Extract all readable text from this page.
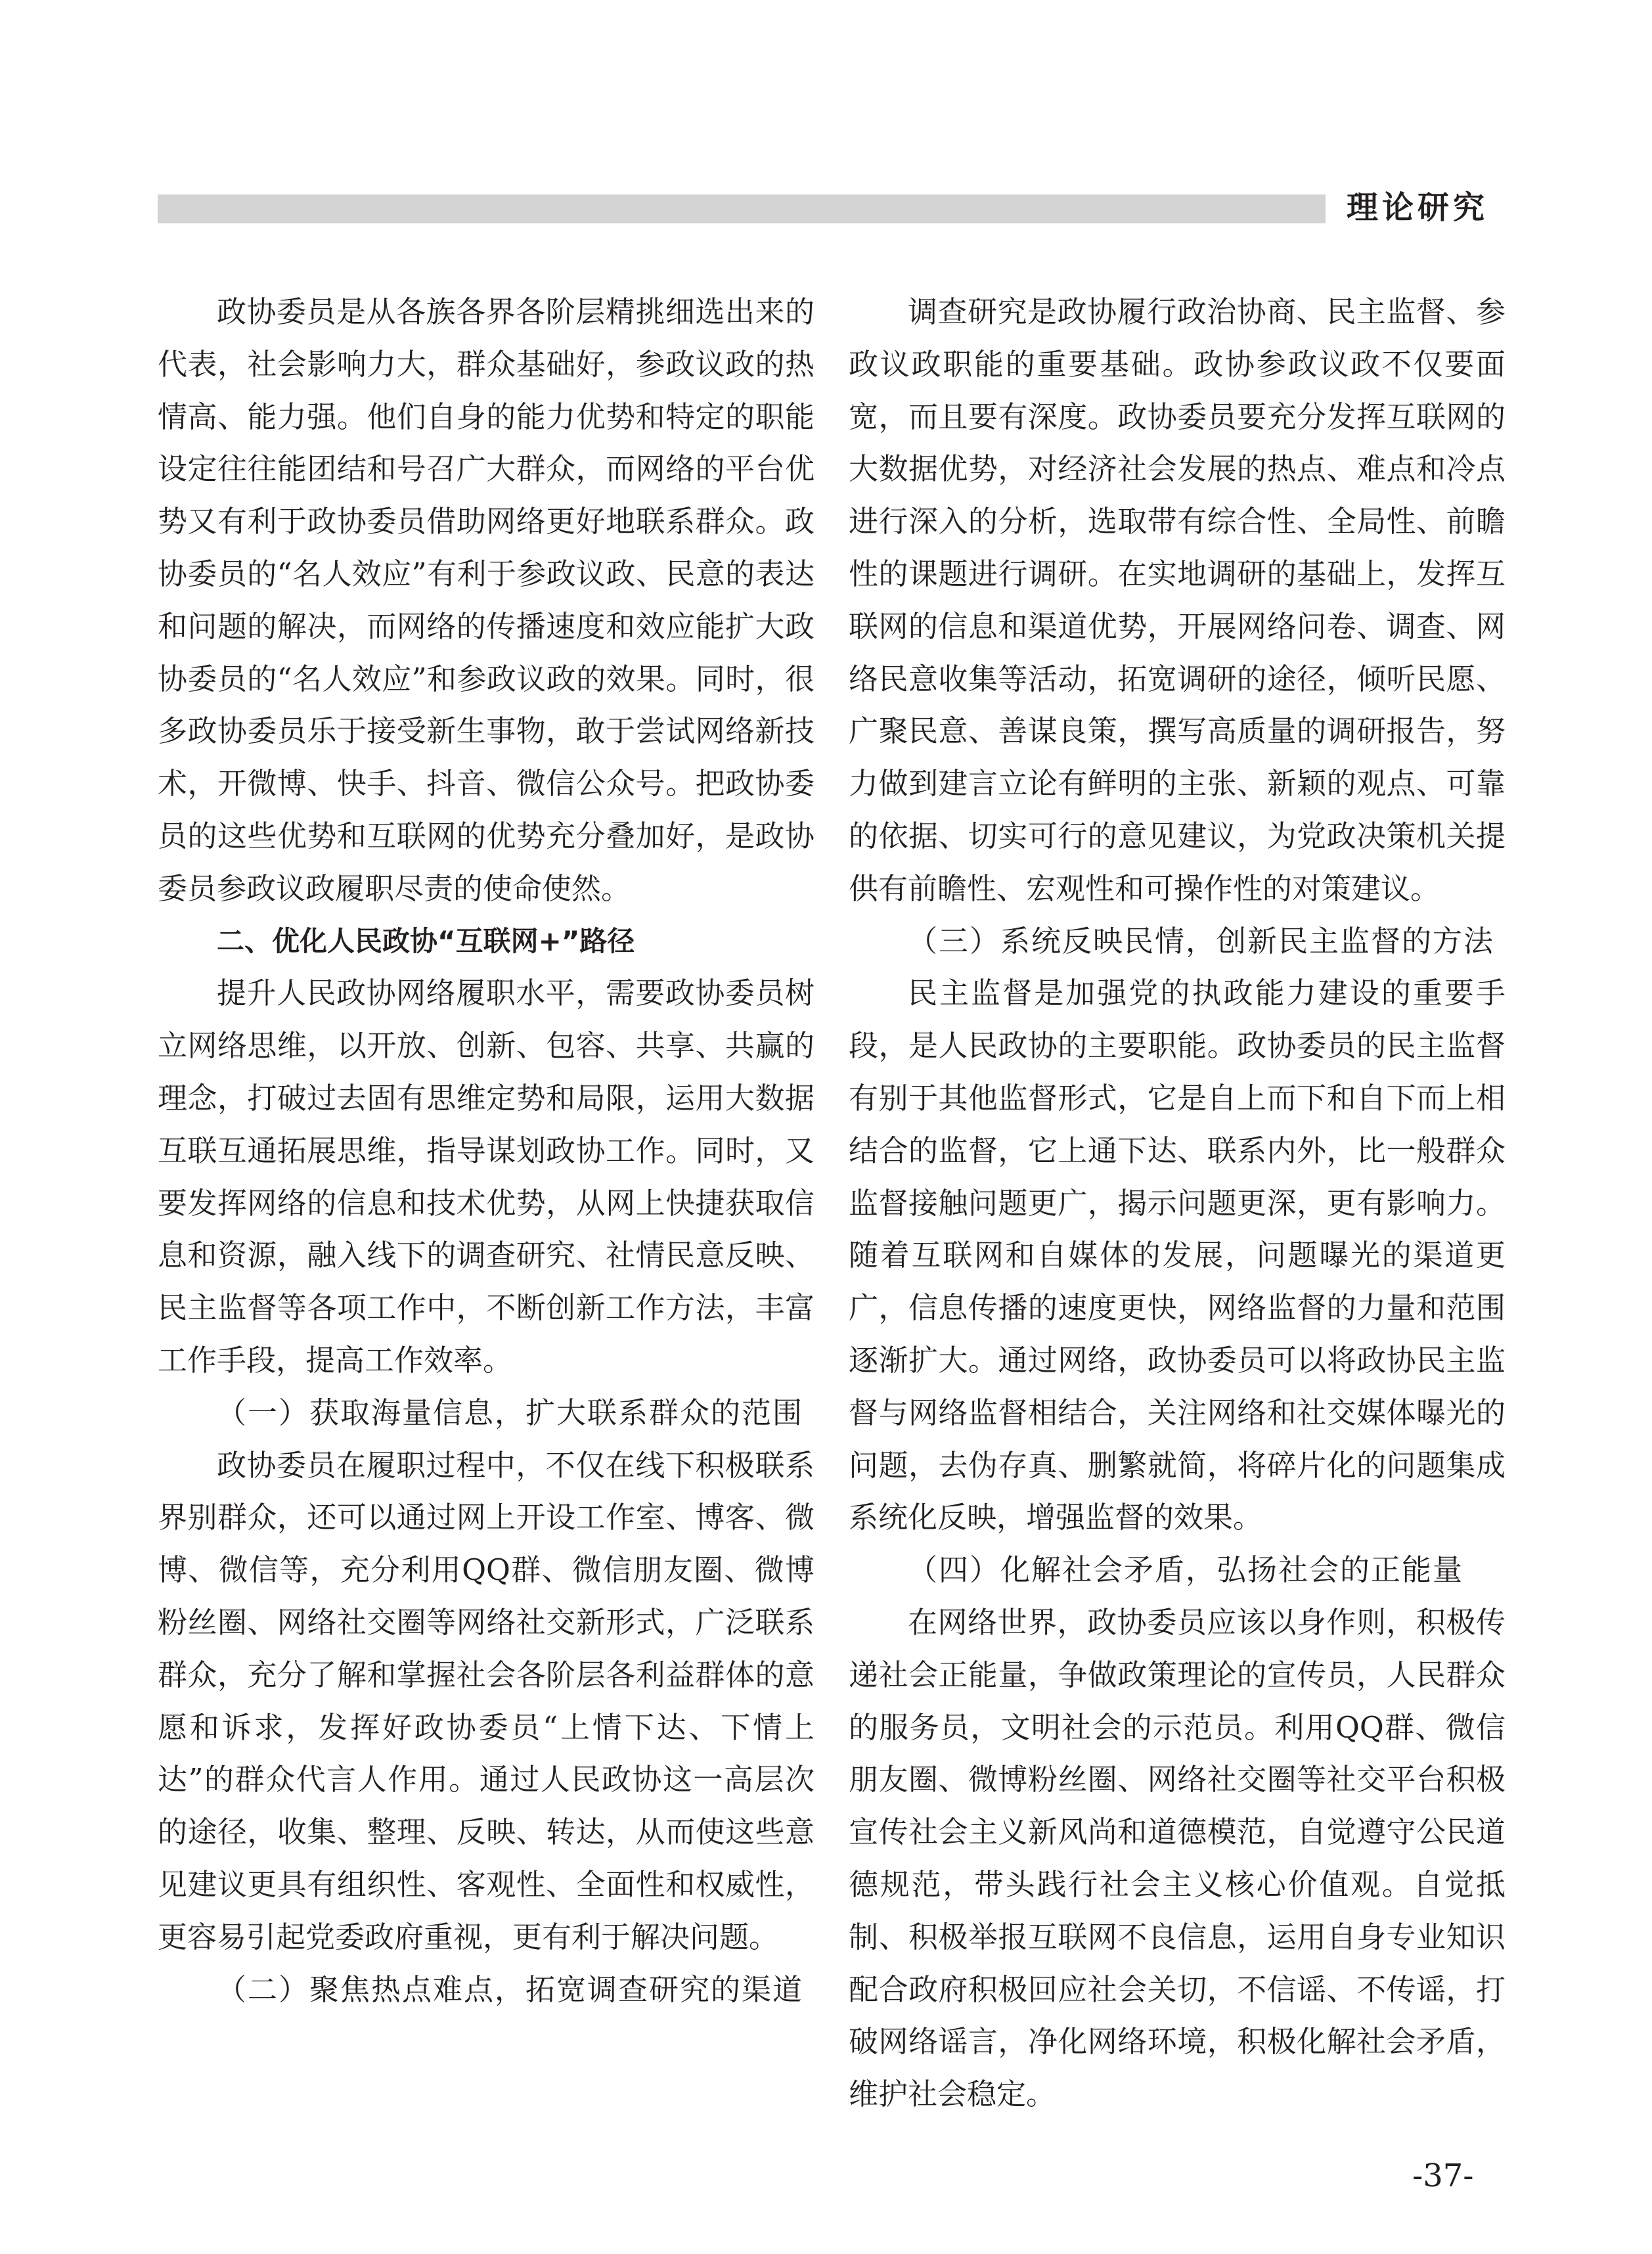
理论研究

政协委员是从各族各界各阶层精挑细选出来的代表，社会影响力大，群众基础好，参政议政的热情高、能力强。他们自身的能力优势和特定的职能设定往往能团结和号召广大群众，而网络的平台优势又有利于政协委员借助网络更好地联系群众。政协委员的“名人效应”有利于参政议政、民意的表达和问题的解决，而网络的传播速度和效应能扩大政协委员的“名人效应”和参政议政的效果。同时，很多政协委员乐于接受新生事物，敢于尝试网络新技术，开微博、快手、抖音、微信公众号。把政协委员的这些优势和互联网的优势充分叠加好，是政协委员参政议政履职尽责的使命使然。

二、优化人民政协“互联网+”路径

提升人民政协网络履职水平，需要政协委员树立网络思维，以开放、创新、包容、共享、共赢的理念，打破过去固有思维定势和局限，运用大数据互联互通拓展思维，指导谋划政协工作。同时，又要发挥网络的信息和技术优势，从网上快捷获取信息和资源，融入线下的调查研究、社情民意反映、民主监督等各项工作中，不断创新工作方法，丰富工作手段，提高工作效率。

（一）获取海量信息，扩大联系群众的范围

政协委员在履职过程中，不仅在线下积极联系界别群众，还可以通过网上开设工作室、博客、微博、微信等，充分利用QQ群、微信朋友圈、微博粉丝圈、网络社交圈等网络社交新形式，广泛联系群众，充分了解和掌握社会各阶层各利益群体的意愿和诉求，发挥好政协委员“上情下达、下情上达”的群众代言人作用。通过人民政协这一高层次的途径，收集、整理、反映、转达，从而使这些意见建议更具有组织性、客观性、全面性和权威性，更容易引起党委政府重视，更有利于解决问题。

（二）聚焦热点难点，拓宽调查研究的渠道

调查研究是政协履行政治协商、民主监督、参政议政职能的重要基础。政协参政议政不仅要面宽，而且要有深度。政协委员要充分发挥互联网的大数据优势，对经济社会发展的热点、难点和冷点进行深入的分析，选取带有综合性、全局性、前瞻性的课题进行调研。在实地调研的基础上，发挥互联网的信息和渠道优势，开展网络问卷、调查、网络民意收集等活动，拓宽调研的途径，倾听民愿、广聚民意、善谋良策，撰写高质量的调研报告，努力做到建言立论有鲜明的主张、新颖的观点、可靠的依据、切实可行的意见建议，为党政决策机关提供有前瞻性、宏观性和可操作性的对策建议。

（三）系统反映民情，创新民主监督的方法

民主监督是加强党的执政能力建设的重要手段，是人民政协的主要职能。政协委员的民主监督有别于其他监督形式，它是自上而下和自下而上相结合的监督，它上通下达、联系内外，比一般群众监督接触问题更广，揭示问题更深，更有影响力。随着互联网和自媒体的发展，问题曝光的渠道更广，信息传播的速度更快，网络监督的力量和范围逐渐扩大。通过网络，政协委员可以将政协民主监督与网络监督相结合，关注网络和社交媒体曝光的问题，去伪存真、删繁就简，将碎片化的问题集成系统化反映，增强监督的效果。

（四）化解社会矛盾，弘扬社会的正能量

在网络世界，政协委员应该以身作则，积极传递社会正能量，争做政策理论的宣传员，人民群众的服务员，文明社会的示范员。利用QQ群、微信朋友圈、微博粉丝圈、网络社交圈等社交平台积极宣传社会主义新风尚和道德模范，自觉遵守公民道德规范，带头践行社会主义核心价值观。自觉抵制、积极举报互联网不良信息，运用自身专业知识配合政府积极回应社会关切，不信谣、不传谣，打破网络谣言，净化网络环境，积极化解社会矛盾，维护社会稳定。

-37-
